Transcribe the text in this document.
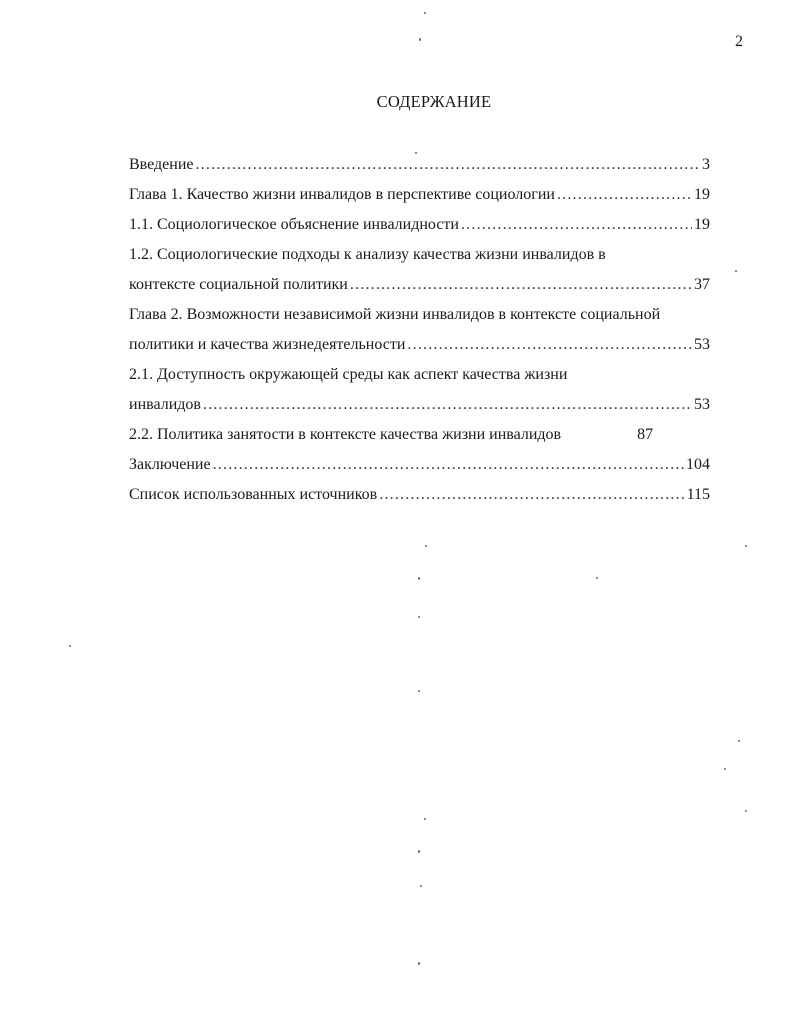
2
СОДЕРЖАНИЕ
Введение .....	3
Глава 1. Качество жизни инвалидов в перспективе социологии .....	19
1.1. Социологическое объяснение инвалидности .....	19
1.2. Социологические подходы к анализу качества жизни инвалидов в
контексте социальной политики .....	37
Глава 2. Возможности независимой жизни инвалидов в контексте социальной
политики и качества жизнедеятельности .....	53
2.1. Доступность окружающей среды как аспект качества жизни
инвалидов .....	53
2.2. Политика занятости в контексте качества жизни инвалидов	87
Заключение .....	104
Список использованных источников .....	115
